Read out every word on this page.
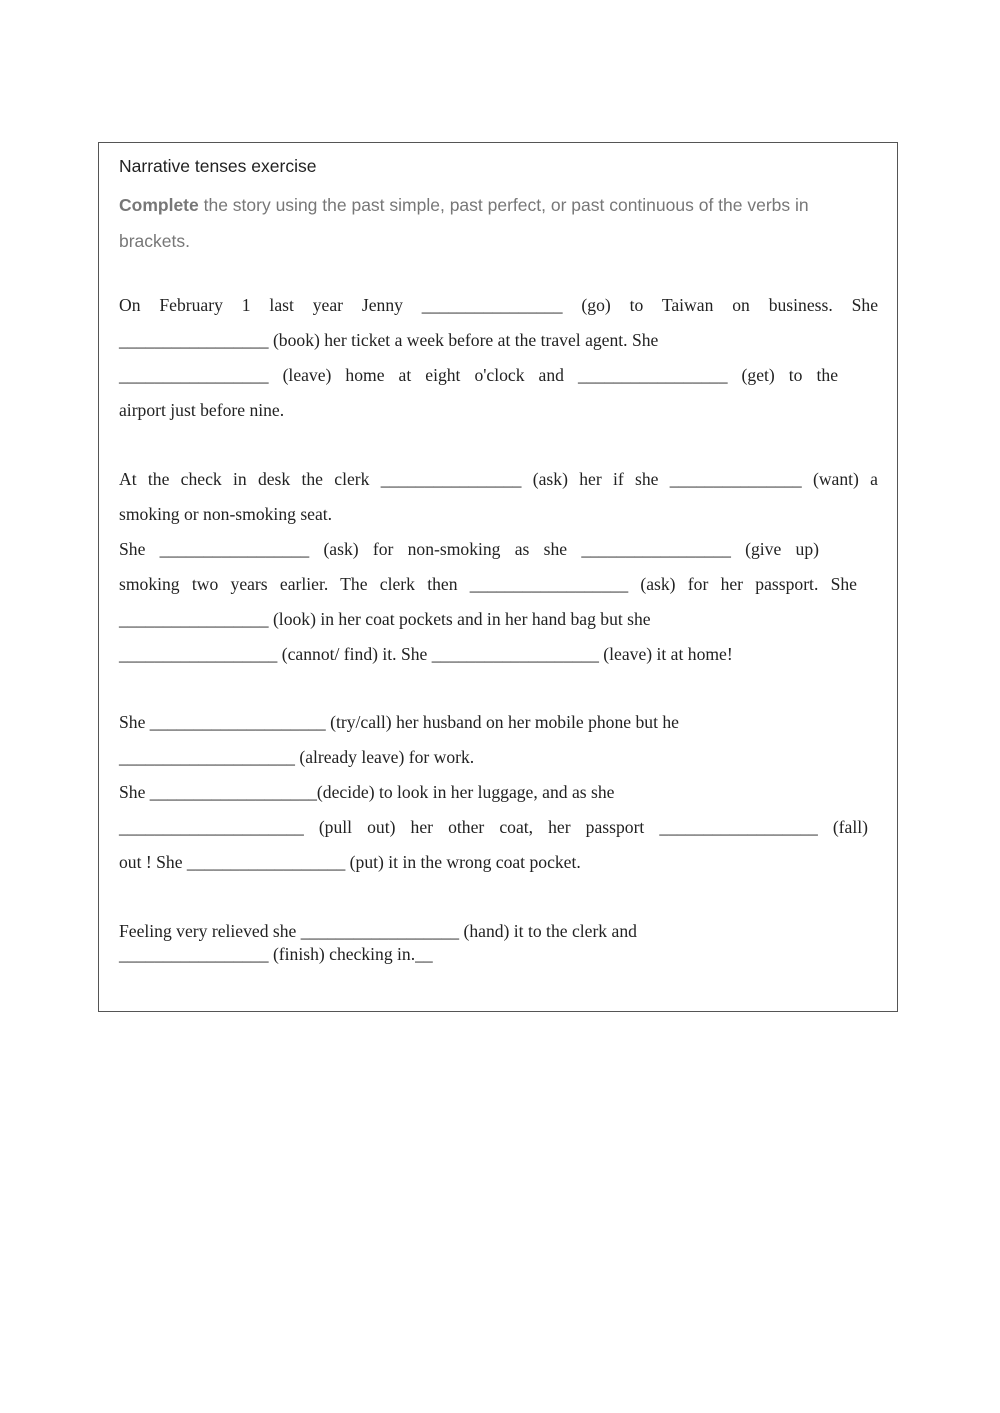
Narrative tenses exercise
Complete the story using the past simple, past perfect, or past continuous of the verbs in brackets.
On February 1 last year Jenny ________________ (go) to Taiwan on business. She
_________________ (book) her ticket a week before at the travel agent. She
_________________ (leave) home at eight o'clock and _________________ (get) to the
airport just before nine.
At the check in desk the clerk ________________ (ask) her if she _______________ (want) a
smoking or non-smoking seat.
She _________________ (ask) for non-smoking as she _________________ (give up)
smoking two years earlier. The clerk then __________________ (ask) for her passport. She
_________________ (look) in her coat pockets and in her hand bag but she
__________________ (cannot/ find) it. She ___________________ (leave) it at home!
She ____________________ (try/call) her husband on her mobile phone but he
____________________ (already leave) for work.
She ___________________(decide) to look in her luggage, and as she
_____________________ (pull out) her other coat, her passport __________________ (fall)
out ! She __________________ (put) it in the wrong coat pocket.
Feeling very relieved she __________________ (hand) it to the clerk and
_________________ (finish) checking in.__
